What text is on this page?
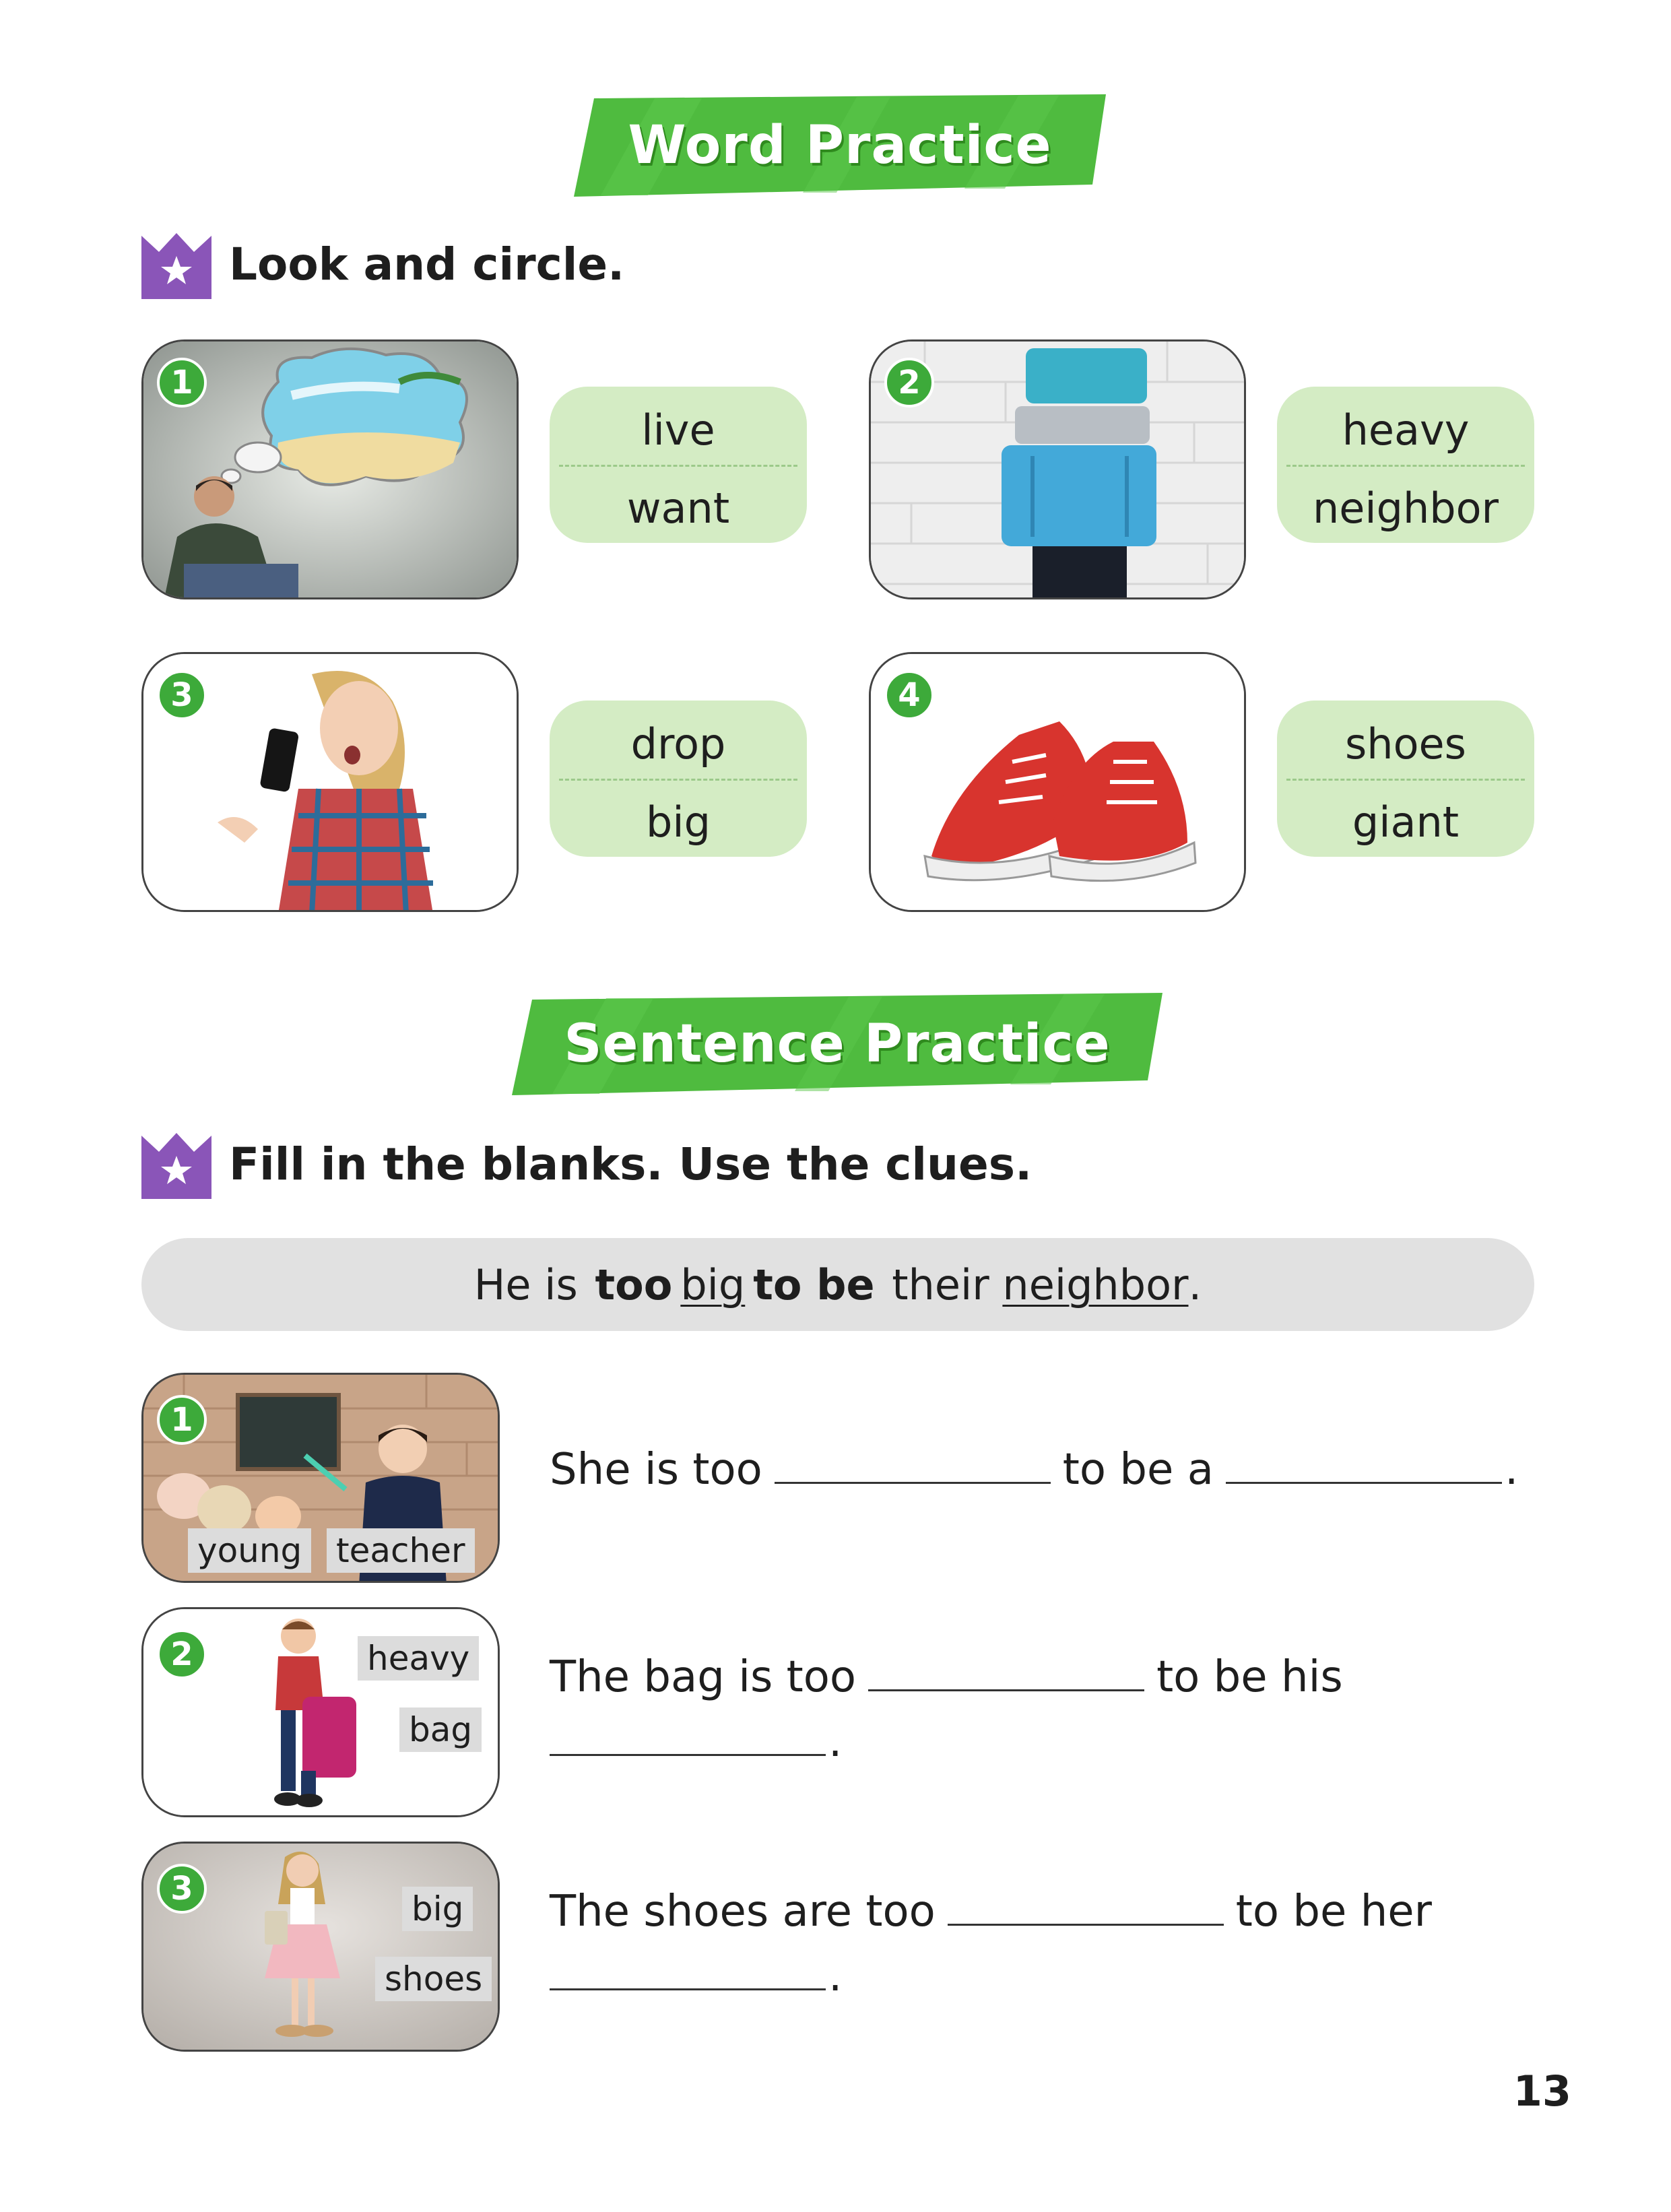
Word Practice
Look and circle.
1
live
want
2
heavy
neighbor
3
drop
big
4
shoes
giant
Sentence Practice
Fill in the blanks. Use the clues.
He is too big to be their neighbor .
young teacher
1
She is too	to be a	.
heavy
bag
2	The bag is too	to be his
.
big
shoes
3	The shoes are too	to be her
.
13
